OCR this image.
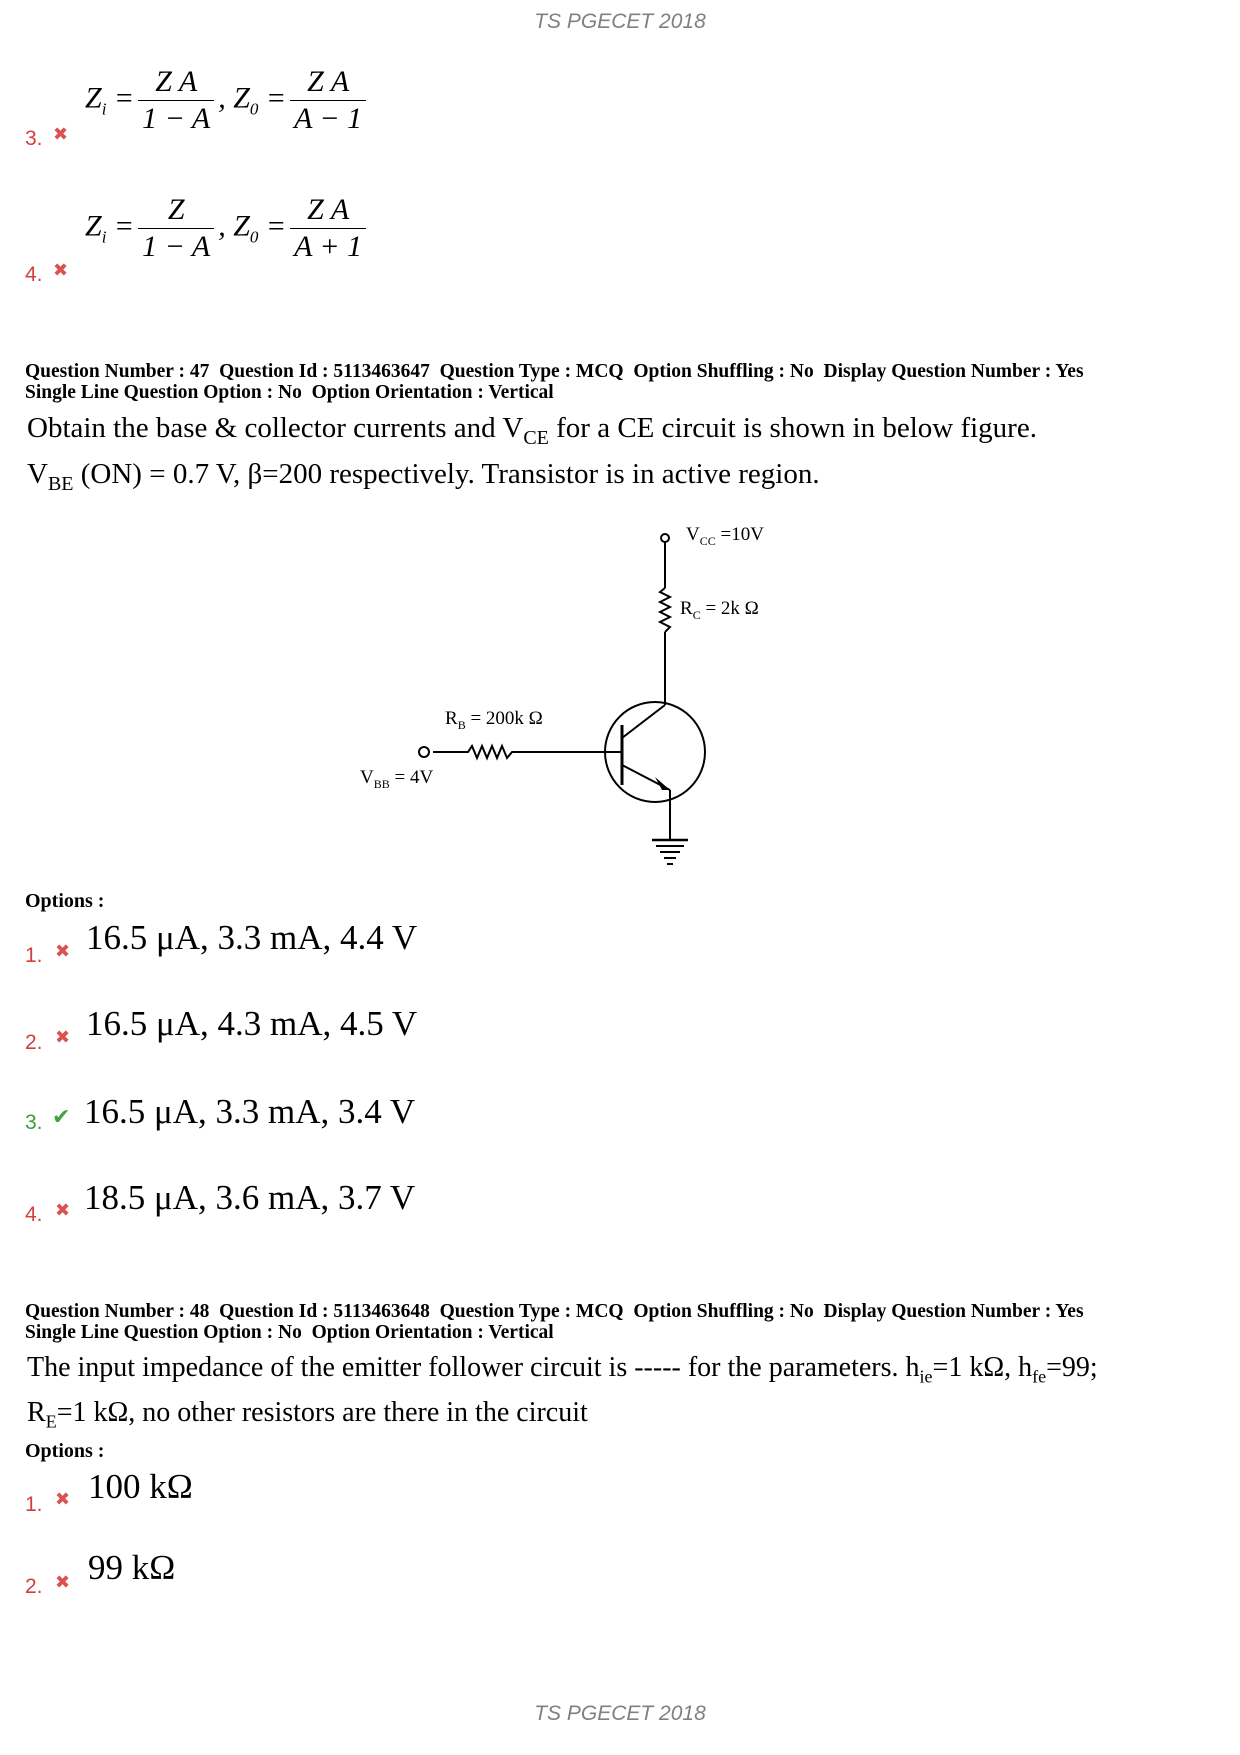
TS PGECET 2018
3. ✖
$Z_i = \frac{\text{Z A}}{1 - A}$ , $Z_0 = \frac{\text{Z A}}{A - 1}$
4. ✖
$Z_i = \frac{Z}{1 - A}$ , $Z_0 = \frac{\text{Z A}}{A + 1}$
Question Number : 47  Question Id : 5113463647  Question Type : MCQ  Option Shuffling : No  Display Question Number : Yes
Single Line Question Option : No  Option Orientation : Vertical
Obtain the base & collector currents and $V_{CE}$ for a CE circuit is shown in below figure.
$V_{BE}$ (ON) = 0.7 V, β=200 respectively. Transistor is in active region.
$V_{CC} =10V$
$R_C = 2k$ Ω
$R_B = 200k$ Ω
$V_{BB} = 4V$
Options :
1. ✖ 16.5 μA, 3.3 mA, 4.4 V
2. ✖ 16.5 μA, 4.3 mA, 4.5 V
3. ✔ 16.5 μA, 3.3 mA, 3.4 V
4. ✖ 18.5 μA, 3.6 mA, 3.7 V
Question Number : 48  Question Id : 5113463648  Question Type : MCQ  Option Shuffling : No  Display Question Number : Yes
Single Line Question Option : No  Option Orientation : Vertical
The input impedance of the emitter follower circuit is ----- for the parameters. $h_{ie}=1$ kΩ, $h_{fe}=99$;
$R_E=1$ kΩ, no other resistors are there in the circuit
Options :
1. ✖ 100 kΩ
2. ✖ 99 kΩ
TS PGECET 2018
